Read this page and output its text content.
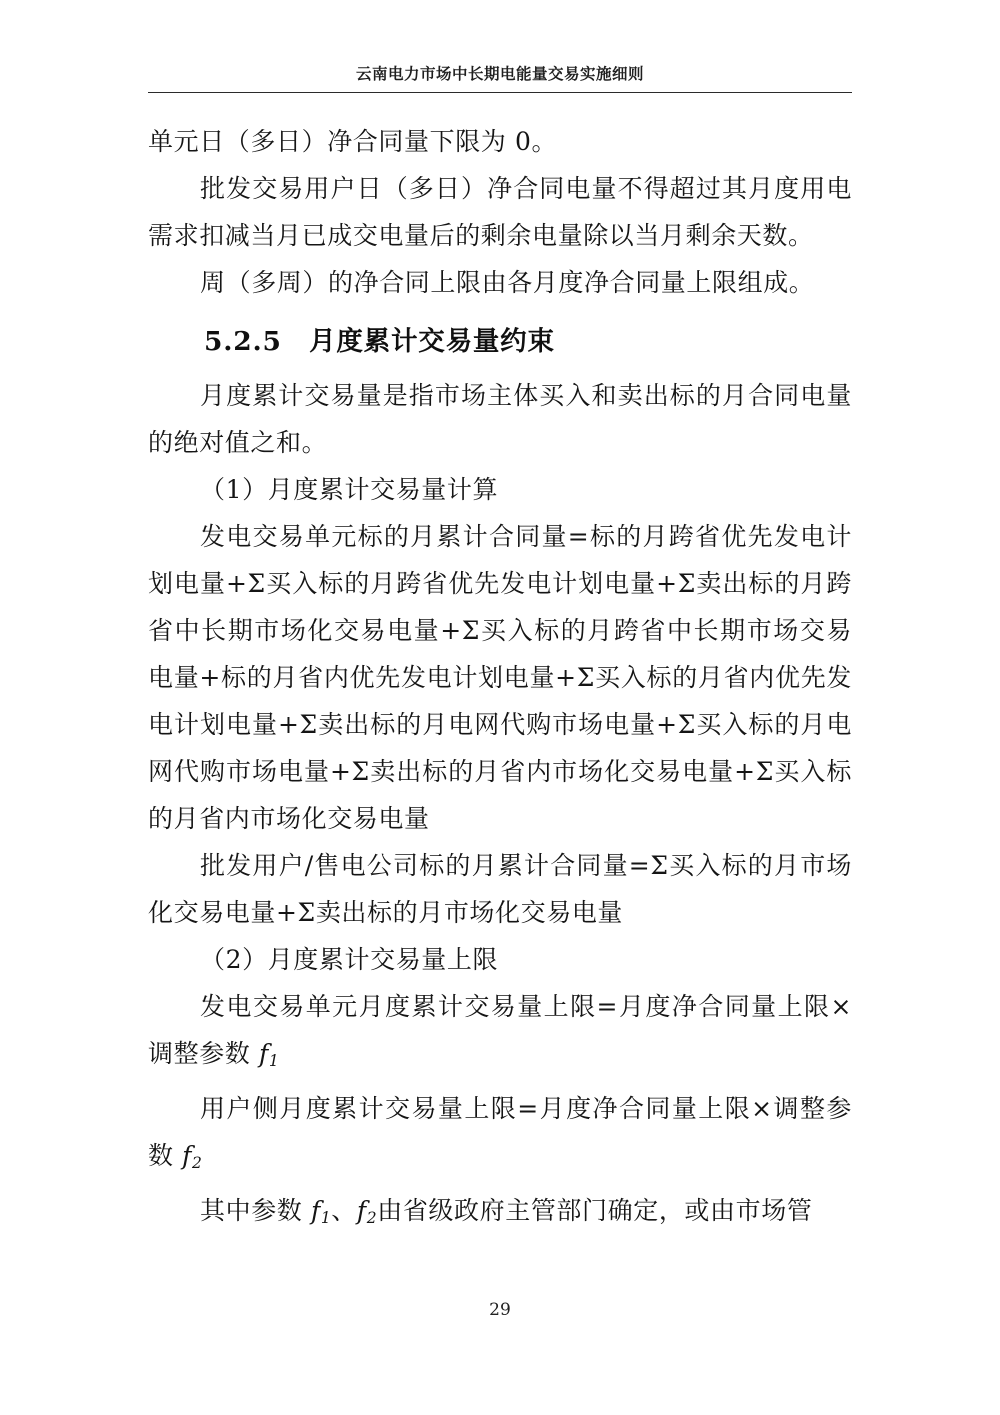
云南电力市场中长期电能量交易实施细则

单元日（多日）净合同量下限为 0。

批发交易用户日（多日）净合同电量不得超过其月度用电需求扣减当月已成交电量后的剩余电量除以当月剩余天数。

周（多周）的净合同上限由各月度净合同量上限组成。

5.2.5　月度累计交易量约束

月度累计交易量是指市场主体买入和卖出标的月合同电量的绝对值之和。

（1）月度累计交易量计算

发电交易单元标的月累计合同量=标的月跨省优先发电计划电量+Σ买入标的月跨省优先发电计划电量+Σ卖出标的月跨省中长期市场化交易电量+Σ买入标的月跨省中长期市场交易电量+标的月省内优先发电计划电量+Σ买入标的月省内优先发电计划电量+Σ卖出标的月电网代购市场电量+Σ买入标的月电网代购市场电量+Σ卖出标的月省内市场化交易电量+Σ买入标的月省内市场化交易电量

批发用户/售电公司标的月累计合同量=Σ买入标的月市场化交易电量+Σ卖出标的月市场化交易电量

（2）月度累计交易量上限

发电交易单元月度累计交易量上限=月度净合同量上限×调整参数 $f_1$

用户侧月度累计交易量上限=月度净合同量上限×调整参数 $f_2$

其中参数 $f_1$、$f_2$由省级政府主管部门确定，或由市场管

29
